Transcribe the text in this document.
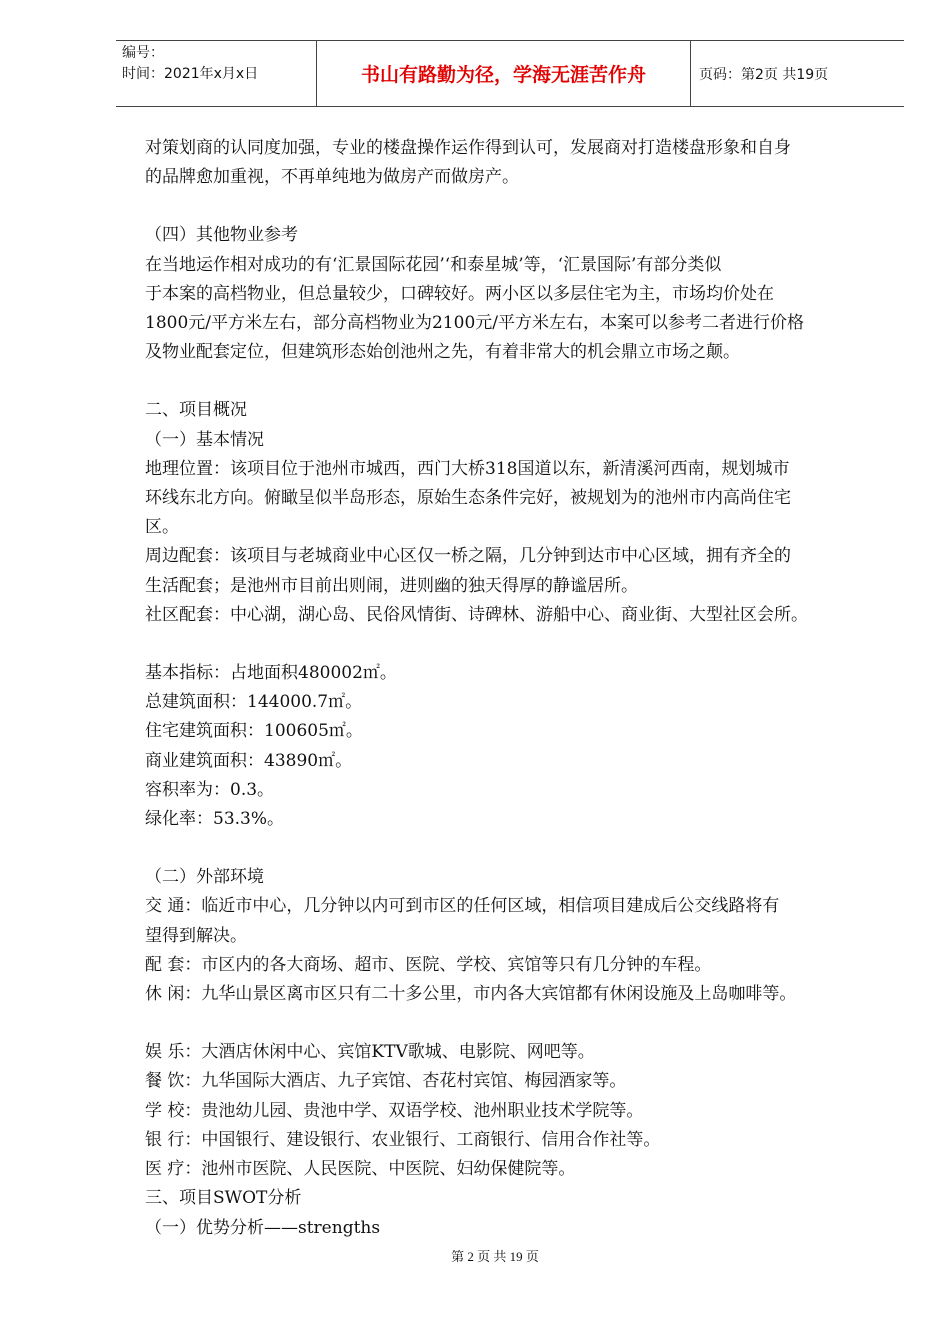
编号：
时间：2021年x月x日	书山有路勤为径，学海无涯苦作舟	页码：第2页 共19页

对策划商的认同度加强，专业的楼盘操作运作得到认可，发展商对打造楼盘形象和自身

的品牌愈加重视，不再单纯地为做房产而做房产。

（四）其他物业参考

在当地运作相对成功的有‘汇景国际花园’‘和泰星城’等，‘汇景国际’有部分类似

于本案的高档物业，但总量较少，口碑较好。两小区以多层住宅为主，市场均价处在

1800元/平方米左右，部分高档物业为2100元/平方米左右，本案可以参考二者进行价格

及物业配套定位，但建筑形态始创池州之先，有着非常大的机会鼎立市场之颠。

二、项目概况

（一）基本情况

地理位置：该项目位于池州市城西，西门大桥318国道以东，新清溪河西南，规划城市

环线东北方向。俯瞰呈似半岛形态，原始生态条件完好，被规划为的池州市内高尚住宅

区。

周边配套：该项目与老城商业中心区仅一桥之隔，几分钟到达市中心区域，拥有齐全的

生活配套；是池州市目前出则闹，进则幽的独天得厚的静谧居所。

社区配套：中心湖，湖心岛、民俗风情街、诗碑林、游船中心、商业街、大型社区会所。

基本指标：占地面积480002㎡。

总建筑面积：144000.7㎡。

住宅建筑面积：100605㎡。

商业建筑面积：43890㎡。

容积率为：0.3。

绿化率：53.3%。

（二）外部环境

交 通：临近市中心，几分钟以内可到市区的任何区域，相信项目建成后公交线路将有

望得到解决。

配 套：市区内的各大商场、超市、医院、学校、宾馆等只有几分钟的车程。

休 闲：九华山景区离市区只有二十多公里，市内各大宾馆都有休闲设施及上岛咖啡等。

娱 乐：大酒店休闲中心、宾馆KTV歌城、电影院、网吧等。

餐 饮：九华国际大酒店、九子宾馆、杏花村宾馆、梅园酒家等。

学 校：贵池幼儿园、贵池中学、双语学校、池州职业技术学院等。

银 行：中国银行、建设银行、农业银行、工商银行、信用合作社等。

医 疗：池州市医院、人民医院、中医院、妇幼保健院等。

三、项目SWOT分析

（一）优势分析——strengths

第 2 页 共 19 页
